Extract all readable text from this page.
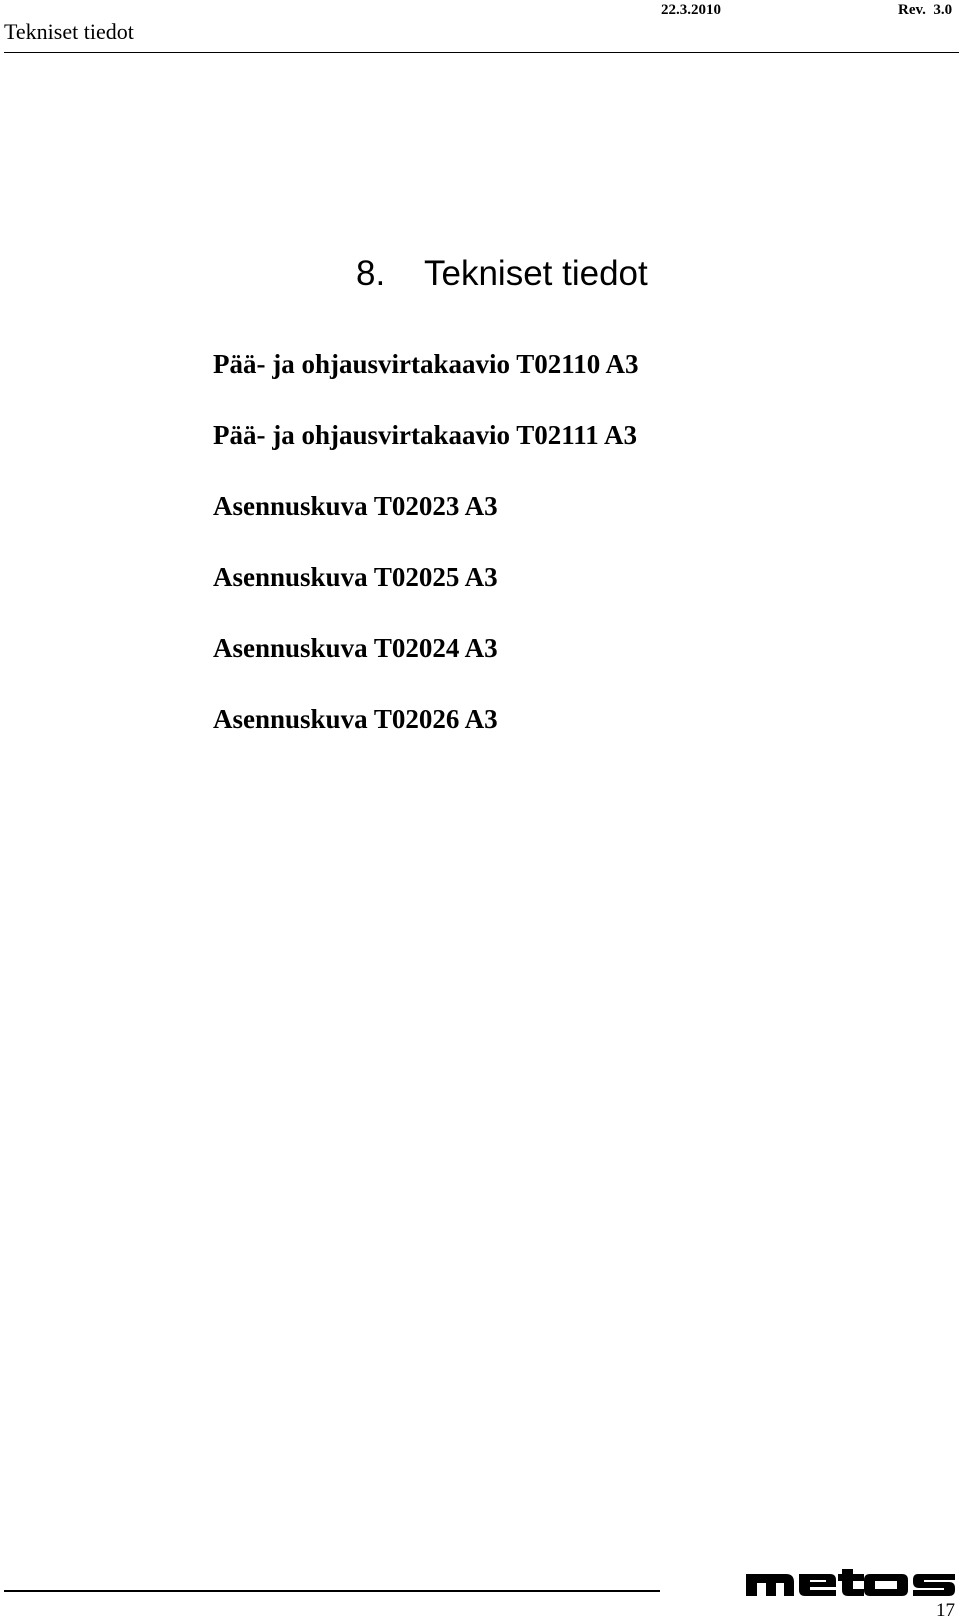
Tekniset tiedot
22.3.2010	Rev.  3.0
8. Tekniset tiedot
Pää- ja ohjausvirtakaavio T02110 A3
Pää- ja ohjausvirtakaavio T02111 A3
Asennuskuva T02023 A3
Asennuskuva T02025 A3
Asennuskuva T02024 A3
Asennuskuva T02026 A3
17
